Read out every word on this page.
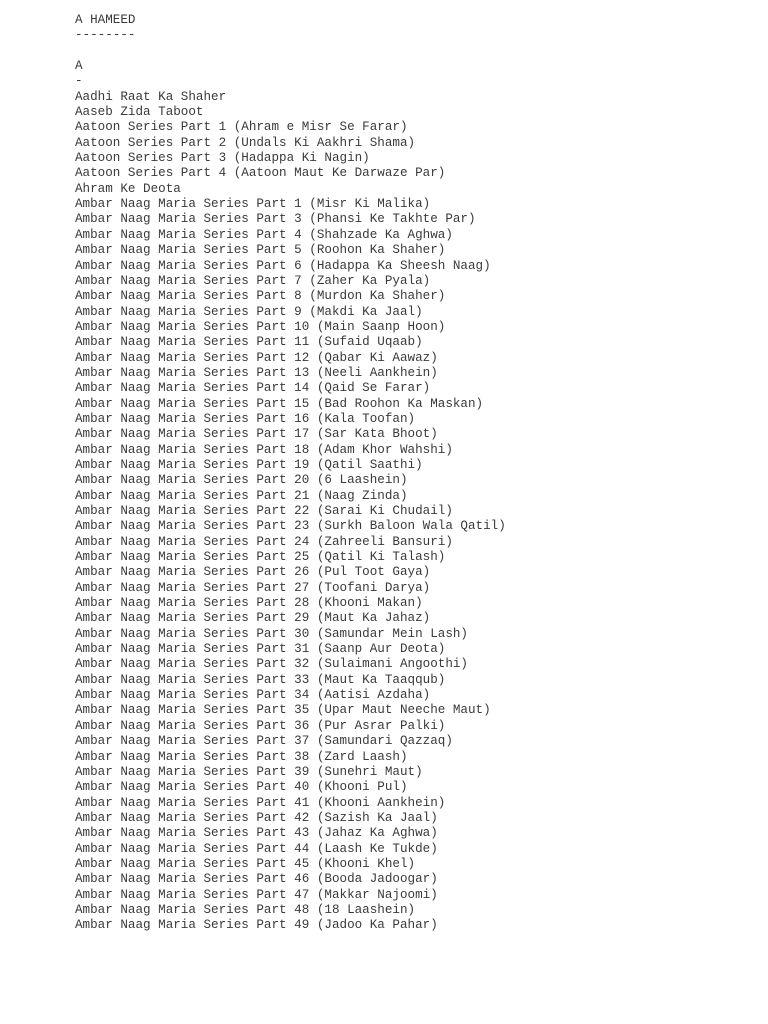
A HAMEED
--------
A
-
Aadhi Raat Ka Shaher
Aaseb Zida Taboot
Aatoon Series Part 1 (Ahram e Misr Se Farar)
Aatoon Series Part 2 (Undals Ki Aakhri Shama)
Aatoon Series Part 3 (Hadappa Ki Nagin)
Aatoon Series Part 4 (Aatoon Maut Ke Darwaze Par)
Ahram Ke Deota
Ambar Naag Maria Series Part 1 (Misr Ki Malika)
Ambar Naag Maria Series Part 3 (Phansi Ke Takhte Par)
Ambar Naag Maria Series Part 4 (Shahzade Ka Aghwa)
Ambar Naag Maria Series Part 5 (Roohon Ka Shaher)
Ambar Naag Maria Series Part 6 (Hadappa Ka Sheesh Naag)
Ambar Naag Maria Series Part 7 (Zaher Ka Pyala)
Ambar Naag Maria Series Part 8 (Murdon Ka Shaher)
Ambar Naag Maria Series Part 9 (Makdi Ka Jaal)
Ambar Naag Maria Series Part 10 (Main Saanp Hoon)
Ambar Naag Maria Series Part 11 (Sufaid Uqaab)
Ambar Naag Maria Series Part 12 (Qabar Ki Aawaz)
Ambar Naag Maria Series Part 13 (Neeli Aankhein)
Ambar Naag Maria Series Part 14 (Qaid Se Farar)
Ambar Naag Maria Series Part 15 (Bad Roohon Ka Maskan)
Ambar Naag Maria Series Part 16 (Kala Toofan)
Ambar Naag Maria Series Part 17 (Sar Kata Bhoot)
Ambar Naag Maria Series Part 18 (Adam Khor Wahshi)
Ambar Naag Maria Series Part 19 (Qatil Saathi)
Ambar Naag Maria Series Part 20 (6 Laashein)
Ambar Naag Maria Series Part 21 (Naag Zinda)
Ambar Naag Maria Series Part 22 (Sarai Ki Chudail)
Ambar Naag Maria Series Part 23 (Surkh Baloon Wala Qatil)
Ambar Naag Maria Series Part 24 (Zahreeli Bansuri)
Ambar Naag Maria Series Part 25 (Qatil Ki Talash)
Ambar Naag Maria Series Part 26 (Pul Toot Gaya)
Ambar Naag Maria Series Part 27 (Toofani Darya)
Ambar Naag Maria Series Part 28 (Khooni Makan)
Ambar Naag Maria Series Part 29 (Maut Ka Jahaz)
Ambar Naag Maria Series Part 30 (Samundar Mein Lash)
Ambar Naag Maria Series Part 31 (Saanp Aur Deota)
Ambar Naag Maria Series Part 32 (Sulaimani Angoothi)
Ambar Naag Maria Series Part 33 (Maut Ka Taaqqub)
Ambar Naag Maria Series Part 34 (Aatisi Azdaha)
Ambar Naag Maria Series Part 35 (Upar Maut Neeche Maut)
Ambar Naag Maria Series Part 36 (Pur Asrar Palki)
Ambar Naag Maria Series Part 37 (Samundari Qazzaq)
Ambar Naag Maria Series Part 38 (Zard Laash)
Ambar Naag Maria Series Part 39 (Sunehri Maut)
Ambar Naag Maria Series Part 40 (Khooni Pul)
Ambar Naag Maria Series Part 41 (Khooni Aankhein)
Ambar Naag Maria Series Part 42 (Sazish Ka Jaal)
Ambar Naag Maria Series Part 43 (Jahaz Ka Aghwa)
Ambar Naag Maria Series Part 44 (Laash Ke Tukde)
Ambar Naag Maria Series Part 45 (Khooni Khel)
Ambar Naag Maria Series Part 46 (Booda Jadoogar)
Ambar Naag Maria Series Part 47 (Makkar Najoomi)
Ambar Naag Maria Series Part 48 (18 Laashein)
Ambar Naag Maria Series Part 49 (Jadoo Ka Pahar)
